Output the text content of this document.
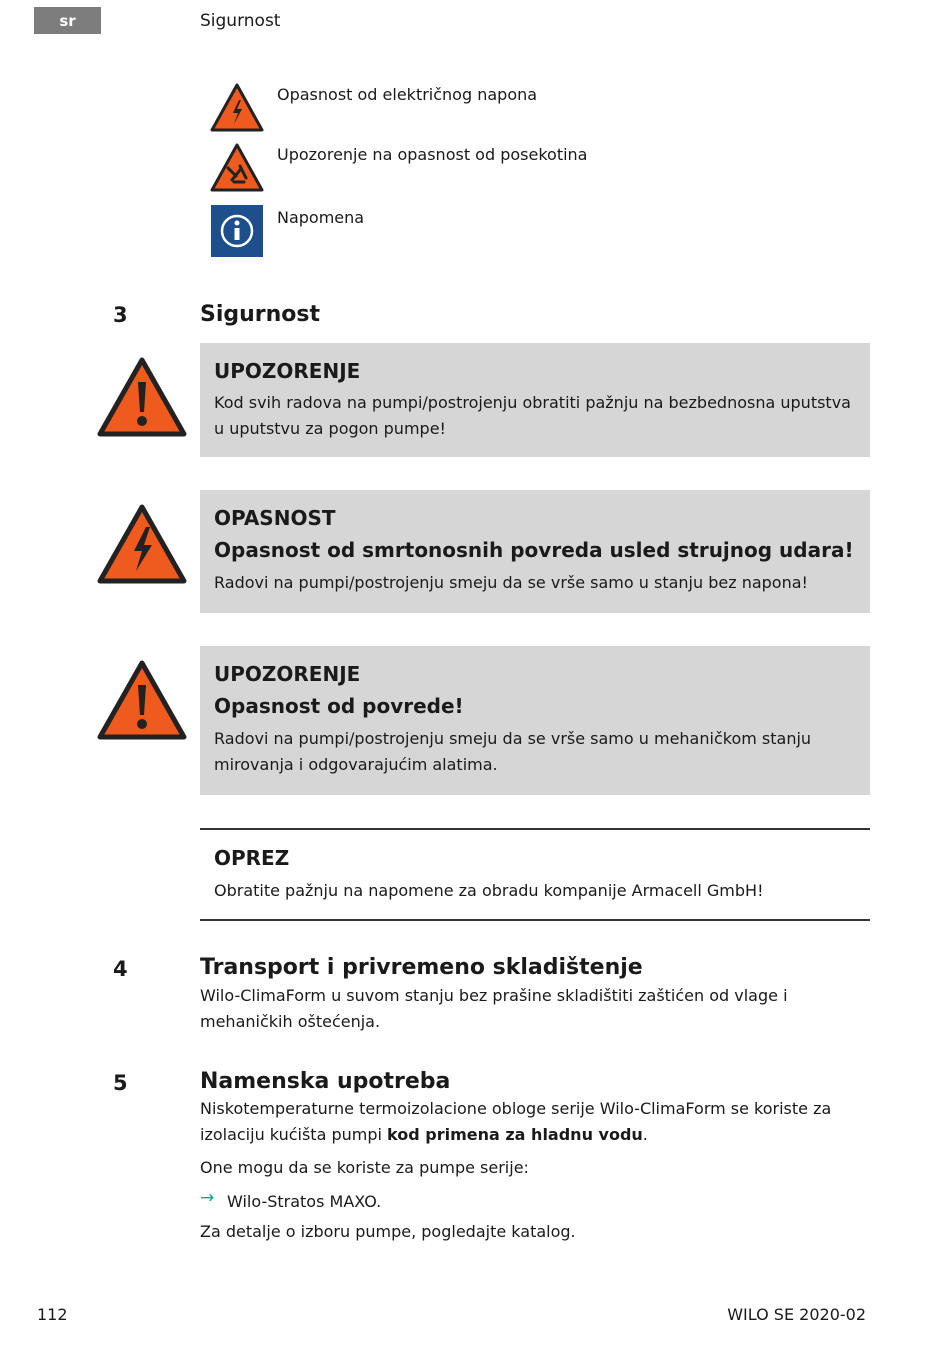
sr	Sigurnost
Opasnost od električnog napona
Upozorenje na opasnost od posekotina
Napomena
3	Sigurnost
UPOZORENJE
Kod svih radova na pumpi/postrojenju obratiti pažnju na bezbednosna uputstva u uputstvu za pogon pumpe!
OPASNOST
Opasnost od smrtonosnih povreda usled strujnog udara!
Radovi na pumpi/postrojenju smeju da se vrše samo u stanju bez napona!
UPOZORENJE
Opasnost od povrede!
Radovi na pumpi/postrojenju smeju da se vrše samo u mehaničkom stanju mirovanja i odgovarajućim alatima.
OPREZ
Obratite pažnju na napomene za obradu kompanije Armacell GmbH!
4	Transport i privremeno skladištenje
Wilo-ClimaForm u suvom stanju bez prašine skladištiti zaštićen od vlage i mehaničkih oštećenja.
5	Namenska upotreba
Niskotemperaturne termoizolacione obloge serije Wilo-ClimaForm se koriste za izolaciju kućišta pumpi kod primena za hladnu vodu.
One mogu da se koriste za pumpe serije:
→ Wilo-Stratos MAXO.
Za detalje o izboru pumpe, pogledajte katalog.
112	WILO SE 2020-02
